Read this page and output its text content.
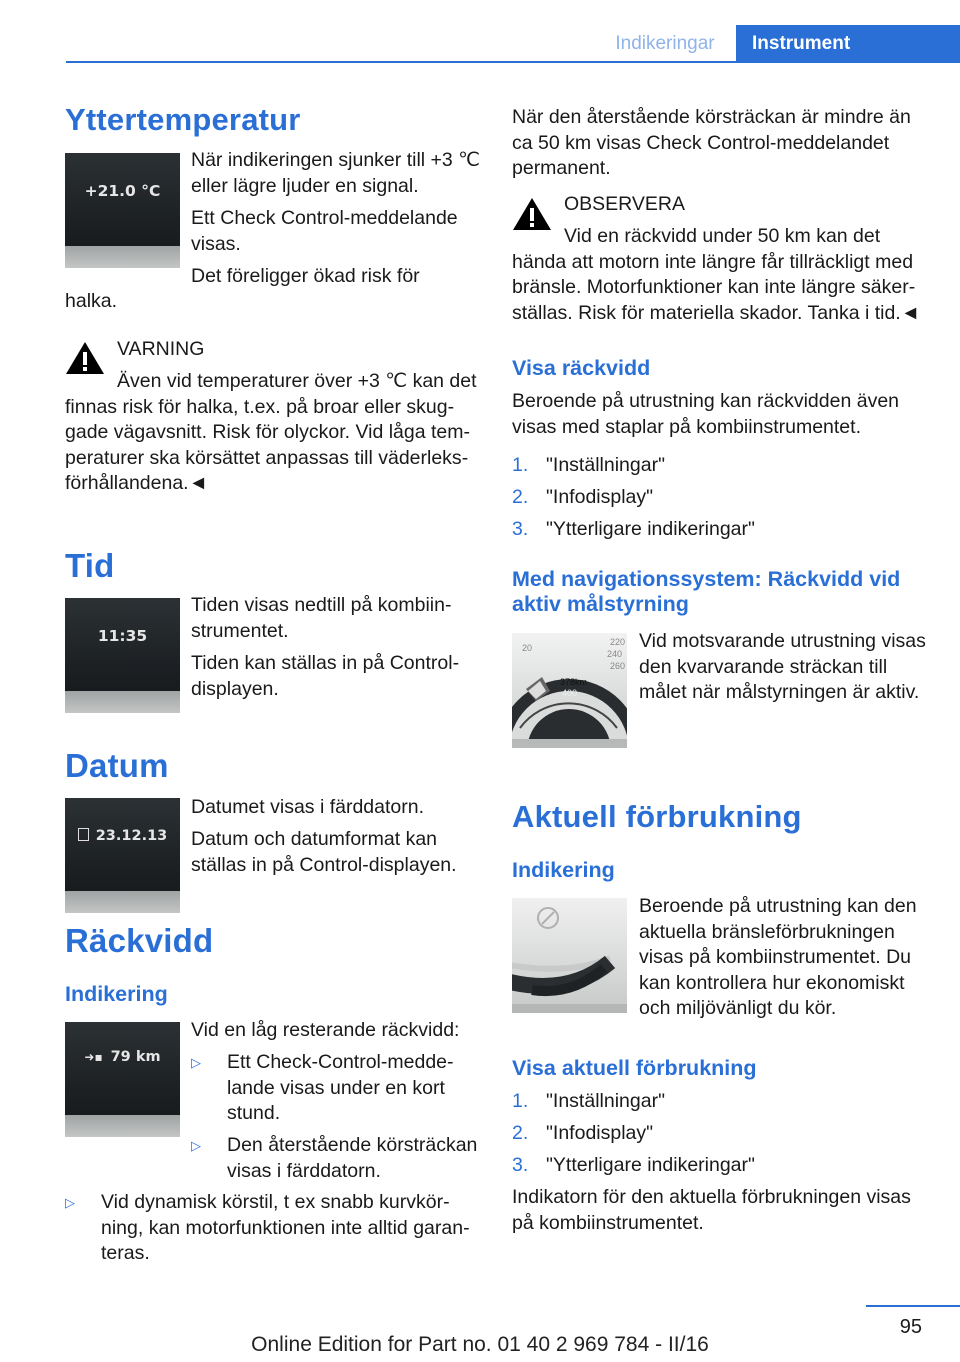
Indikeringar	Instrument
Yttertemperatur
+21.0 °C

När indikeringen sjunker till +3 ℃ eller lägre ljuder en signal.

Ett Check Control-meddelande visas.

Det föreligger ökad risk för

halka.

VARNING

Även vid temperaturer över +3 ℃ kan det finnas risk för halka, t.ex. på broar eller skuggade vägavsnitt. Risk för olyckor. Vid låga temperaturer ska körsättet anpassas till väderleksförhållandena.◄

Tid
11:35

Tiden visas nedtill på kombiinstrumentet.

Tiden kan ställas in på Control-displayen.

Datum
23.12.13

Datumet visas i färddatorn.

Datum och datumformat kan ställas in på Control-displayen.

Räckvidd
Indikering
➜▪ 79 km

Vid en låg resterande räckvidd:

▷	Ett Check-Control-meddelande visas under en kort stund.
▷	Den återstående körsträckan visas i färddatorn.
▷	Vid dynamisk körstil, t ex snabb kurvkörning, kan motorfunktionen inte alltid garanteras.

När den återstående körsträckan är mindre än ca 50 km visas Check Control-meddelandet permanent.

OBSERVERA

Vid en räckvidd under 50 km kan det hända att motorn inte längre får tillräckligt med bränsle. Motorfunktioner kan inte längre säkerställas. Risk för materiella skador. Tanka i tid.◄

Visa räckvidd

Beroende på utrustning kan räckvidden även visas med staplar på kombiinstrumentet.

1. "Inställningar"
2. "Infodisplay"
3. "Ytterligare indikeringar"
Med navigationssystem: Räckvidd vid aktiv målstyrning
20
220
240
260
378km
400

Vid motsvarande utrustning visas den kvarvarande sträckan till målet när målstyrningen är aktiv.

Aktuell förbrukning
Indikering

Beroende på utrustning kan den aktuella bränsleförbrukningen visas på kombiinstrumentet. Du kan kontrollera hur ekonomiskt och miljövänligt du kör.

Visa aktuell förbrukning
1. "Inställningar"
2. "Infodisplay"
3. "Ytterligare indikeringar"

Indikatorn för den aktuella förbrukningen visas på kombiinstrumentet.

95
Online Edition for Part no. 01 40 2 969 784 - II/16
